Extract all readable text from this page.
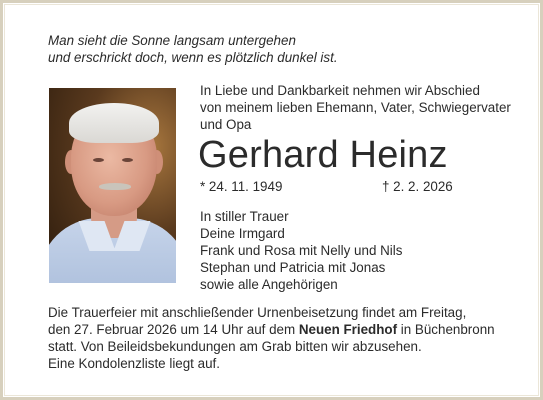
Man sieht die Sonne langsam untergehen

und erschrickt doch, wenn es plötzlich dunkel ist.

In Liebe und Dankbarkeit nehmen wir Abschied

von meinem lieben Ehemann, Vater, Schwiegervater

und Opa

Gerhard Heinz

* 24. 11. 1949	† 2. 2. 2026

In stiller Trauer

Deine Irmgard

Frank und Rosa mit Nelly und Nils

Stephan und Patricia mit Jonas

sowie alle Angehörigen

Die Trauerfeier mit anschließender Urnenbeisetzung findet am Freitag,

den 27. Februar 2026 um 14 Uhr auf dem Neuen Friedhof in Büchenbronn

statt. Von Beileidsbekundungen am Grab bitten wir abzusehen.

Eine Kondolenzliste liegt auf.
